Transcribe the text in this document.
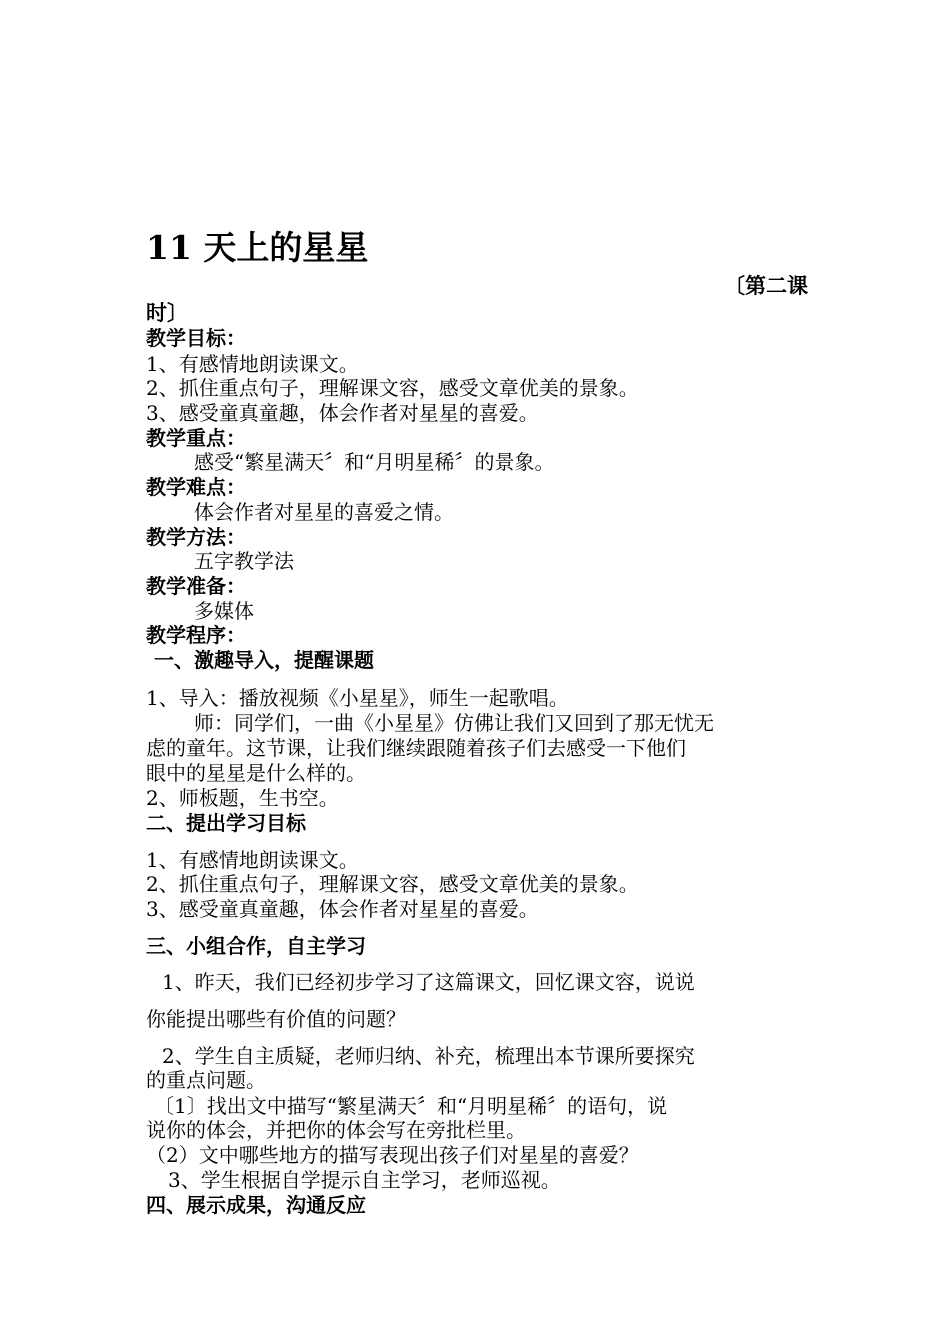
11 天上的星星
〔第二课
时〕
教学目标：
1、有感情地朗读课文。
2、抓住重点句子，理解课文容，感受文章优美的景象。
3、感受童真童趣，体会作者对星星的喜爱。
教学重点：
感受“繁星满天〞和“月明星稀〞的景象。
教学难点：
体会作者对星星的喜爱之情。
教学方法：
五字教学法
教学准备：
多媒体
教学程序：
一、激趣导入，提醒课题
1、导入：播放视频《小星星》，师生一起歌唱。
师：同学们，一曲《小星星》仿佛让我们又回到了那无忧无
虑的童年。这节课，让我们继续跟随着孩子们去感受一下他们
眼中的星星是什么样的。
2、师板题，生书空。
二、提出学习目标
1、有感情地朗读课文。
2、抓住重点句子，理解课文容，感受文章优美的景象。
3、感受童真童趣，体会作者对星星的喜爱。
三、小组合作，自主学习
1、昨天，我们已经初步学习了这篇课文，回忆课文容，说说
你能提出哪些有价值的问题？
2、学生自主质疑，老师归纳、补充，梳理出本节课所要探究
的重点问题。
〔1〕找出文中描写“繁星满天〞和“月明星稀〞的语句，说
说你的体会，并把你的体会写在旁批栏里。
（2）文中哪些地方的描写表现出孩子们对星星的喜爱？
3、学生根据自学提示自主学习，老师巡视。
四、展示成果，沟通反应
